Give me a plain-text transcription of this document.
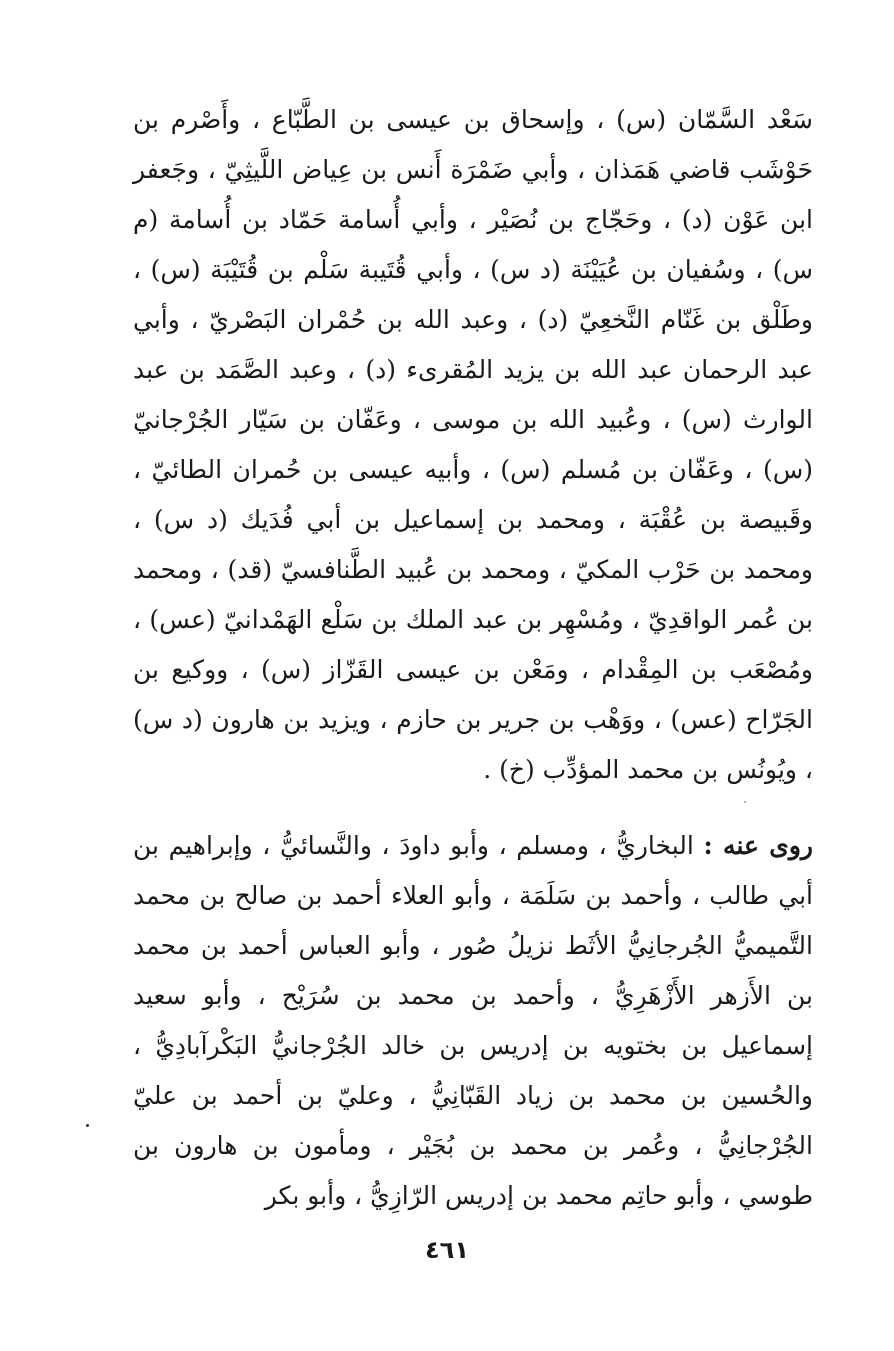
سَعْد السَّمّان (س) ، وإسحاق بن عيسى بن الطَّبّاع ، وأَصْرم بن حَوْشَب قاضي هَمَذان ، وأبي ضَمْرَة أَنس بن عِياض اللَّيثِيّ ، وجَعفر ابن عَوْن (د) ، وحَجّاج بن نُصَيْر ، وأبي أُسامة حَمّاد بن أُسامة (م س) ، وسُفيان بن عُيَيْنَة (د س) ، وأبي قُتَيبة سَلْم بن قُتَيْبَة (س) ، وطَلْق بن غَنّام النَّخعِيّ (د) ، وعبد الله بن حُمْران البَصْريّ ، وأبي عبد الرحمان عبد الله بن يزيد المُقرىء (د) ، وعبد الصَّمَد بن عبد الوارث (س) ، وعُبيد الله بن موسى ، وعَفّان بن سَيّار الجُرْجانيّ (س) ، وعَفّان بن مُسلم (س) ، وأبيه عيسى بن حُمران الطائيّ ، وقَبيصة بن عُقْبَة ، ومحمد بن إسماعيل بن أبي فُدَيك (د س) ، ومحمد بن حَرْب المكيّ ، ومحمد بن عُبيد الطَّنافسيّ (قد) ، ومحمد بن عُمر الواقدِيّ ، ومُسْهِر بن عبد الملك بن سَلْع الهَمْدانيّ (عس) ، ومُصْعَب بن المِقْدام ، ومَعْن بن عيسى القَزّاز (س) ، ووكيع بن الجَرّاح (عس) ، ووَهْب بن جرير بن حازم ، ويزيد بن هارون (د س) ، ويُونُس بن محمد المؤدِّب (خ) .

روى عنه : البخاريُّ ، ومسلم ، وأبو داودَ ، والنَّسائيُّ ، وإبراهيم بن أبي طالب ، وأحمد بن سَلَمَة ، وأبو العلاء أحمد بن صالح بن محمد التَّميميُّ الجُرجانِيُّ الأثَط نزيلُ صُور ، وأبو العباس أحمد بن محمد بن الأَزهر الأَزْهَرِيُّ ، وأحمد بن محمد بن سُرَيْح ، وأبو سعيد إسماعيل بن بختويه بن إدريس بن خالد الجُرْجانيُّ البَكْرآبادِيُّ ، والحُسين بن محمد بن زياد القَبّانِيُّ ، وعليّ بن أحمد بن عليّ الجُرْجانِيُّ ، وعُمر بن محمد بن بُجَيْر ، ومأمون بن هارون بن طوسي ، وأبو حاتِم محمد بن إدريس الرّازِيُّ ، وأبو بكر

٤٦١
